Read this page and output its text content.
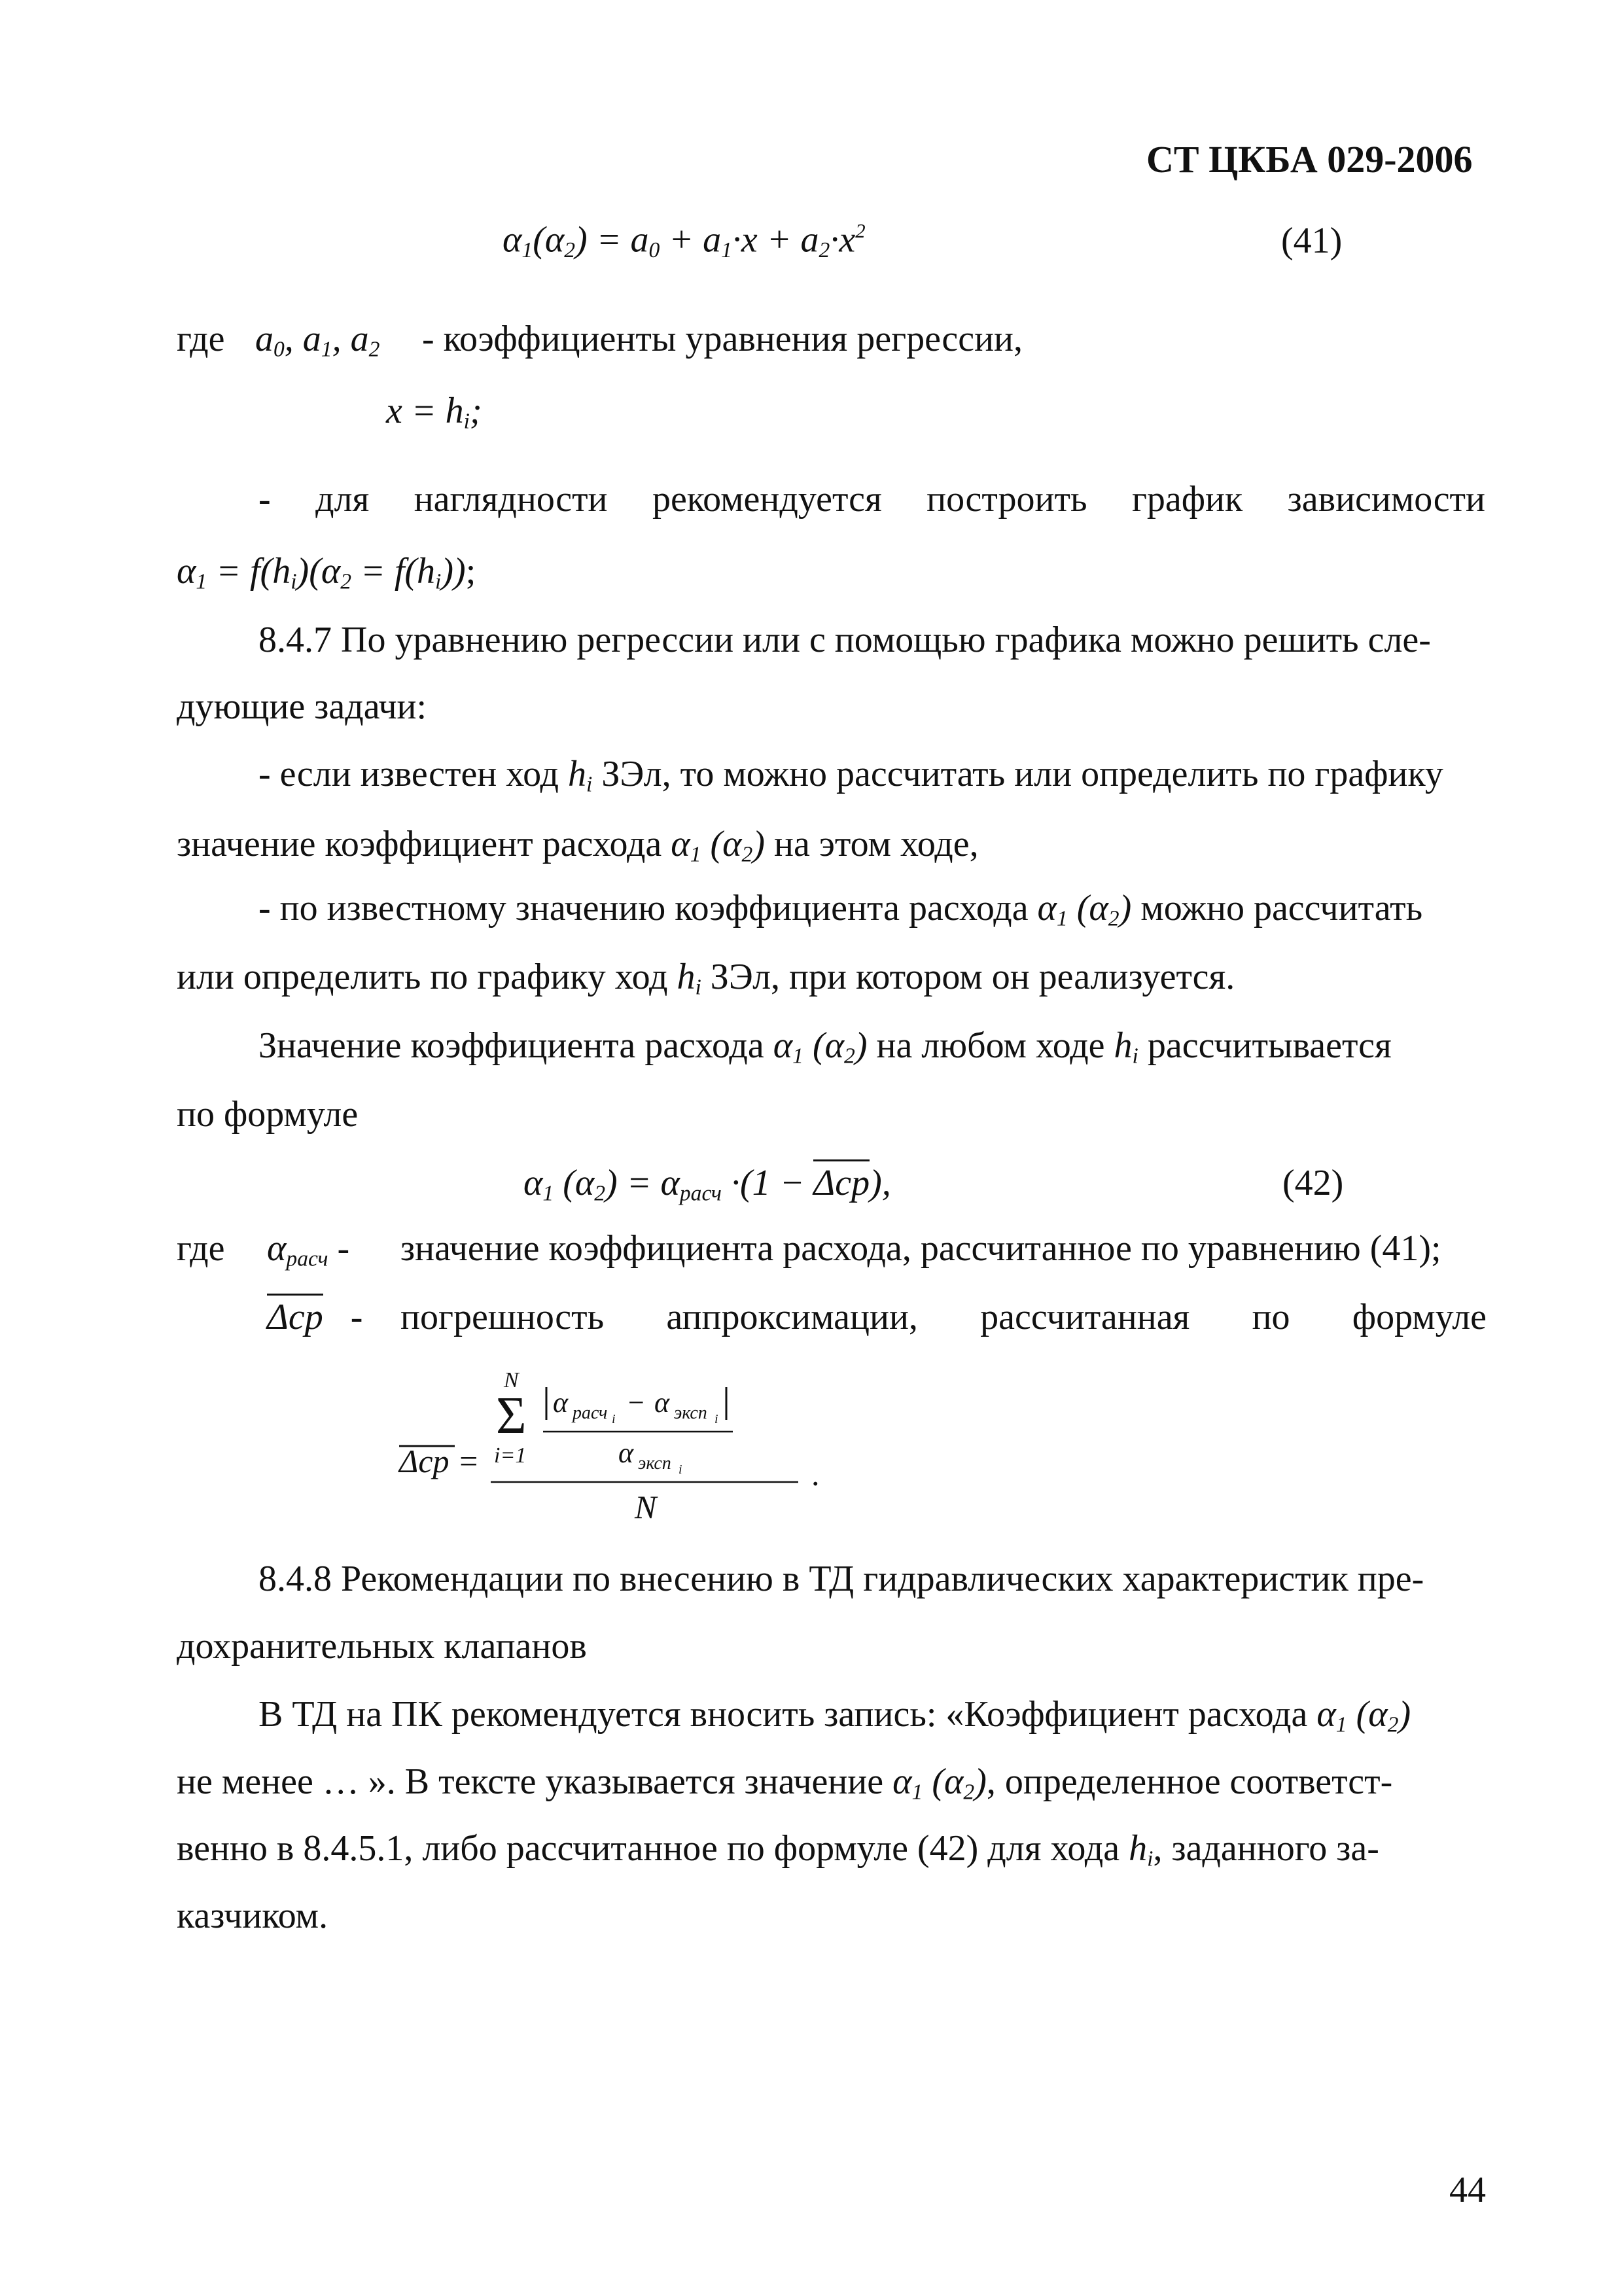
СТ ЦКБА 029-2006
$\alpha_1(\alpha_2) = a_0 + a_1\cdot x + a_2\cdot x^2$	(41)
где $a_0$, $a_1$, $a_2$ - коэффициенты уравнения регрессии,
$x = h_i$;
- для наглядности рекомендуется построить график зависимости
$\alpha_1 = f(h_i)(\alpha_2 = f(h_i))$;
8.4.7 По уравнению регрессии или с помощью графика можно решить сле-
дующие задачи:
- если известен ход $h_i$ ЗЭл, то можно рассчитать или определить по графику
значение коэффициент расхода $\alpha_1$ $(\alpha_2)$ на этом ходе,
- по известному значению коэффициента расхода $\alpha_1$ $(\alpha_2)$ можно рассчитать
или определить по графику ход $h_i$ ЗЭл, при котором он реализуется.
Значение коэффициента расхода $\alpha_1$ $(\alpha_2)$ на любом ходе $h_i$ рассчитывается
по формуле
$\alpha_1$ $(\alpha_2) = \alpha_{расч} \cdot(1 - \Delta cp)$,	(42)
где $\alpha_{расч}$ - значение коэффициента расхода, рассчитанное по уравнению (41);
Δcp   - погрешность аппроксимации, рассчитанная по формуле
Δcp =
N
Σ
i=1
α расч i
− α эксп i
α эксп i
N
.
8.4.8 Рекомендации по внесению в ТД гидравлических характеристик пре-
дохранительных клапанов
В ТД на ПК рекомендуется вносить запись: «Коэффициент расхода $\alpha_1$ $(\alpha_2)$
не менее … ». В тексте указывается значение $\alpha_1$ $(\alpha_2)$, определенное соответст-
венно в 8.4.5.1, либо рассчитанное по формуле (42) для хода $h_i$, заданного за-
казчиком.
44
